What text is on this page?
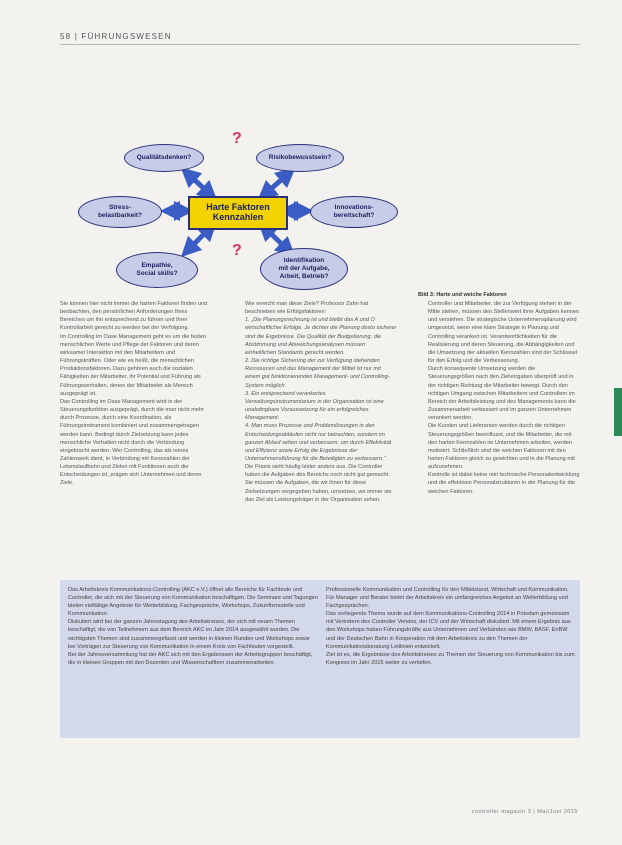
58 | FÜHRUNGSWESEN
Qualitätsdenken?	Risikobewusstsein?
Stress-
belastbarkeit?
Innovations-
bereitschaft?
Empathie,
Social skills?
Identifikation
mit der Aufgabe,
Arbeit, Betrieb?
Harte Faktoren
Kennzahlen
?
?
Bild 3: Harte und weiche Faktoren

Sie können hier nicht immer die harten Faktoren finden und beobachten, den persönlichen Anforderungen Ihres Bereiches um ihn entsprechend zu führen und Ihrer Kontrollarbeit gerecht zu werden bei der Verfolgung.

Im Controlling im Oase Management geht es um die festen menschlichen Werte und Pflege der Faktoren und deren wirksamer Interaktion mit den Mitarbeitern und Führungskräften. Oder wie es heißt, die menschlichen Produktionsfaktoren. Dazu gehören auch die sozialen Fähigkeiten der Mitarbeiter, ihr Potential und Führung als Führungsverhalten, denen der Mitarbeiter als Mensch ausgeprägt ist.

Das Controlling im Oase Management wird in der Steuerungsfunktion ausgeprägt, durch die man nicht mehr durch Prozesse, durch eine Koordination, als Führungsinstrument kombiniert und zusammengetragen werden kann. Bedingt durch Zielsetzung kann jedes menschliche Verhalten nicht durch die Verbindung eingebracht werden. Wer Controlling, das als reines Zahlenwerk dient, in Verbindung mit Kennzahlen der Lebenslaufbahn und Zielen mit Funktionen auch die Entscheidungen ist, prägen sich Unternehmen und deren Ziele.

Wie erreicht man diese Ziele? Professor Zahn hat beschrieben wie Erfolgsfaktoren:

1. „Die Planungsrechnung ist und bleibt das A und O wirtschaftlicher Erfolge. Je dichter die Planung desto sicherer sind die Ergebnisse. Die Qualität der Budgetierung, die Abstimmung und Abweichungsanalysen müssen einheitlichen Standards gerecht werden.

2. Die richtige Sicherung der zur Verfügung stehenden Ressourcen und das Management der Mittel ist nur mit einem gut funktionierenden Management- und Controlling-System möglich.

3. Ein entsprechend verankertes Verwaltungsinstrumentarium in der Organisation ist eine unabdingbare Voraussetzung für ein erfolgreiches Management.

4. Man muss Prozesse und Problemlösungen in den Entscheidungsabläufen nicht nur betrachten, sondern im ganzen Ablauf sehen und verbessern, um durch Effektivität und Effizienz sowie Erfolg die Ergebnisse der Unternehmensführung für die Beteiligten zu verbessern.“

Die Praxis sieht häufig leider anders aus. Die Controller haben die Aufgaben des Bereichs noch nicht gut gemacht. Sie müssen die Aufgaben, die wir ihnen für diese Zielsetzungen vorgegeben haben, umsetzen, wo immer sie das Ziel als Leistungsträger in der Organisation sehen.

Controller und Mitarbeiter, die zur Verfügung stehen in der Mitte stehen, müssen den Stellenwert ihrer Aufgaben kennen und verstehen. Die strategische Unternehmensplanung wird umgesetzt, wenn eine klare Strategie in Planung und Controlling verankert ist. Verantwortlichkeiten für die Realisierung und deren Steuerung, die Abhängigkeiten und die Umsetzung der aktuellen Kennzahlen sind der Schlüssel für den Erfolg und die Verbesserung.

Durch konsequente Umsetzung werden die Steuerungsgrößen nach den Zielvorgaben überprüft und in der richtigen Richtung die Mitarbeiter bewegt. Durch den richtigen Umgang zwischen Mitarbeitern und Controllern im Bereich der Arbeitsleistung und des Managements kann die Zusammenarbeit verbessert und im ganzen Unternehmen verankert werden.

Die Kunden und Lieferanten werden durch die richtigen Steuerungsgrößen beeinflusst, und die Mitarbeiter, die mit den harten Kennzahlen im Unternehmen arbeiten, werden motiviert. Schließlich sind die weichen Faktoren mit den harten Faktoren gleich zu gewichten und in die Planung mit aufzunehmen.

Kontrolle ist dabei keine rein technische Personalentwicklung und die effektiven Personalstrukturen in der Planung für die weichen Faktoren.

Das Arbeitskreis Kommunikations-Controlling (AKC e.V.) öffnet alle Bereiche für Fachleute und Controller, die sich mit der Steuerung von Kommunikation beschäftigen. Die Seminare und Tagungen bieten vielfältige Angebote für Weiterbildung, Fachgespräche, Workshops, Zukunftsmodelle und Kommunikation.

Diskutiert wird bei der ganzen Jahrestagung des Arbeitskreises, der sich mit neuen Themen beschäftigt, die von Teilnehmern aus dem Bereich AKC im Jahr 2014 ausgewählt wurden. Die wichtigsten Themen sind zusammengefasst und werden in kleinen Runden und Workshops sowie bei Vorträgen zur Steuerung von Kommunikation in einem Kreis von Fachleuten vorgestellt.

Bei der Jahresversammlung hat der AKC sich mit den Ergebnissen der Arbeitsgruppen beschäftigt, die in kleinen Gruppen mit den Dozenten und Wissenschaftlern zusammenarbeiten.

Professionelle Kommunikation und Controlling für den Mittelstand, Wirtschaft und Kommunikation. Für Manager und Berater bietet der Arbeitskreis ein umfangreiches Angebot an Weiterbildung und Fachgesprächen.

Das vorliegende Thema wurde auf dem Kommunikations-Controlling 2014 in Potsdam gemeinsam mit Vertretern des Controller Vereins, der ICV und der Wirtschaft diskutiert. Mit einem Ergebnis aus den Workshops haben Führungskräfte aus Unternehmen und Verbänden wie BMW, BASF, EnBW und der Deutschen Bahn in Kooperation mit dem Arbeitskreis zu den Themen der Kommunikationsberatung Leitlinien entwickelt.

Ziel ist es, die Ergebnisse des Arbeitskreises zu Themen der Steuerung von Kommunikation bis zum Kongress im Jahr 2015 weiter zu vertiefen.

controller magazin 3 | Mai/Juni 2015
